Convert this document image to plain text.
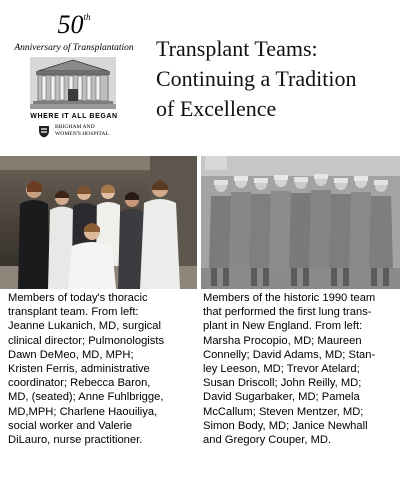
50th
Anniversary of Transplantation
WHERE IT ALL BEGAN
BRIGHAM AND
WOMEN'S HOSPITAL
Transplant Teams:
Continuing a Tradition
of Excellence
Members of today's thoracic
transplant team. From left:
Jeanne Lukanich, MD, surgical
clinical director; Pulmonologists
Dawn DeMeo, MD, MPH;
Kristen Ferris, administrative
coordinator; Rebecca Baron,
MD, (seated); Anne Fuhlbrigge,
MD,MPH; Charlene Haouiliya,
social worker and Valerie
DiLauro, nurse practitioner.
Members of the historic 1990 team
that performed the first lung trans-
plant in New England. From left:
Marsha Procopio, MD; Maureen
Connelly; David Adams, MD; Stan-
ley Leeson, MD; Trevor Atelard;
Susan Driscoll; John Reilly, MD;
David Sugarbaker, MD; Pamela
McCallum; Steven Mentzer, MD;
Simon Body, MD; Janice Newhall
and Gregory Couper, MD.
